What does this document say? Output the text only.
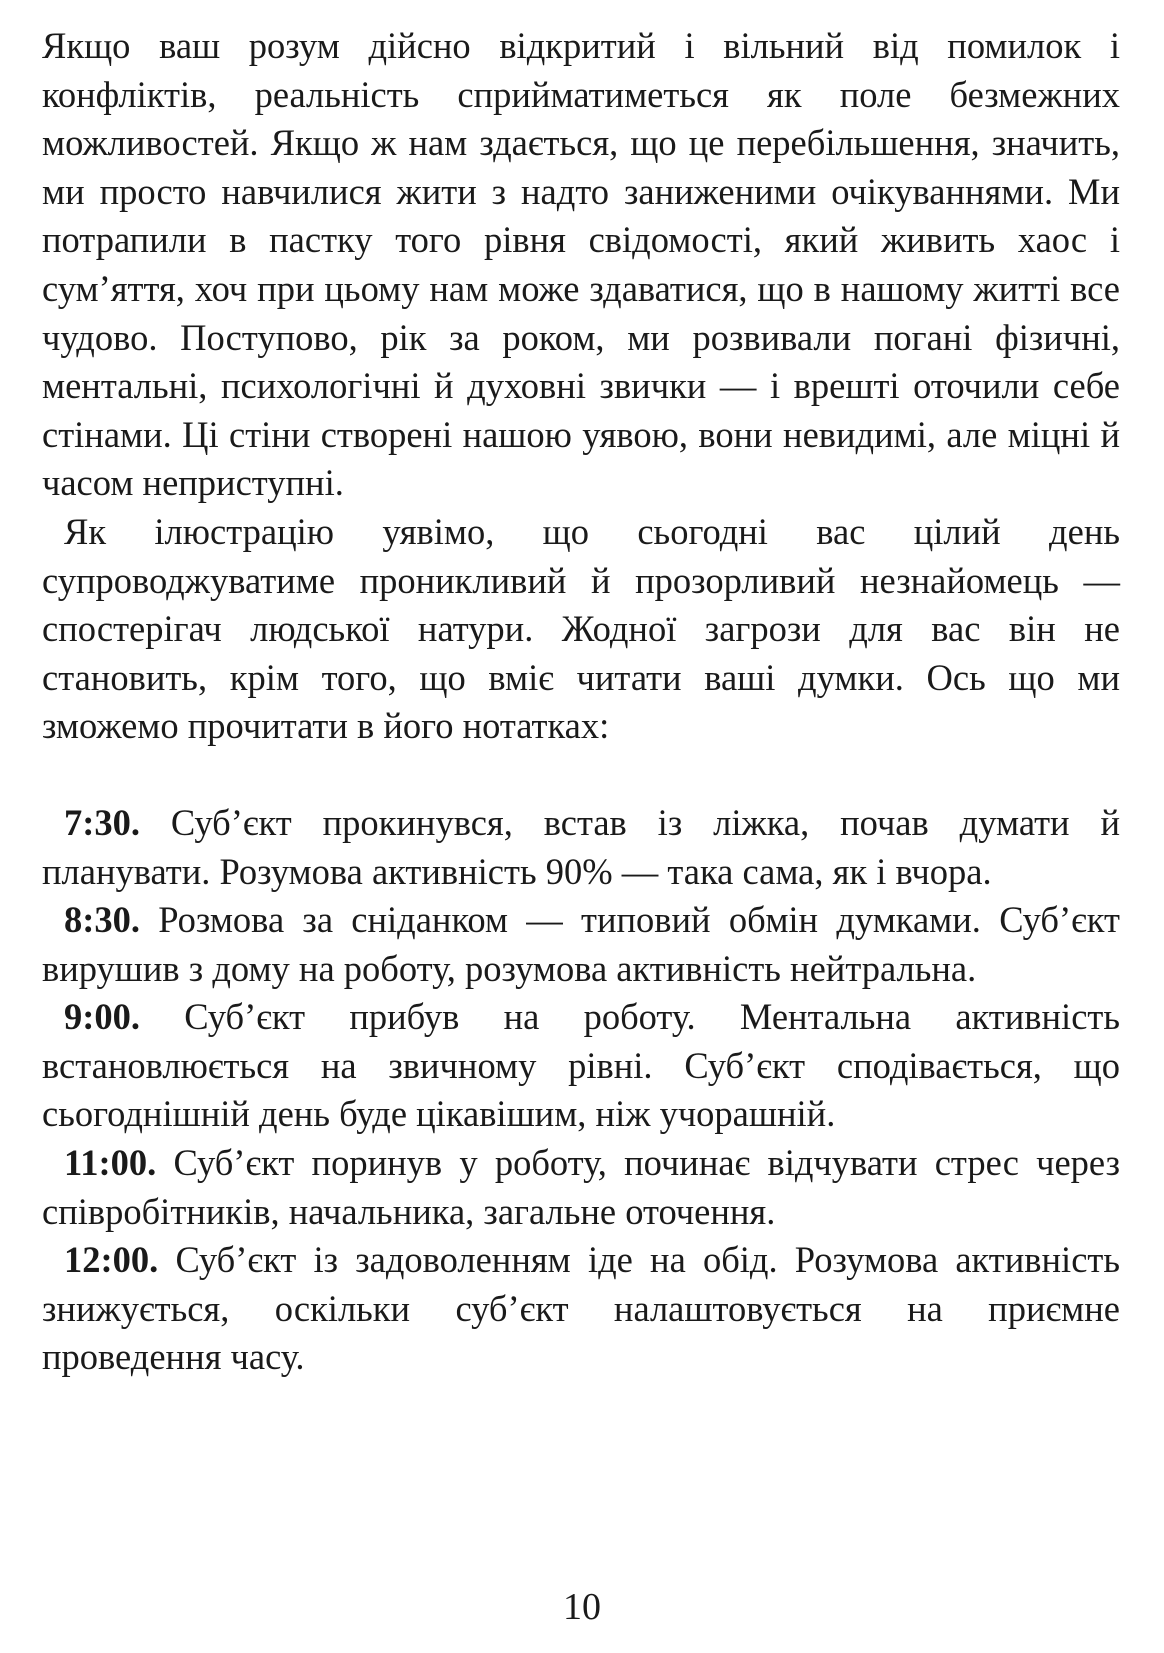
Якщо ваш розум дійсно відкритий і вільний від помилок і конфліктів, реальність сприйматиметься як поле безмежних можливостей. Якщо ж нам здається, що це перебільшення, значить, ми просто навчилися жити з надто заниженими очікуваннями. Ми потрапили в пастку того рівня свідомості, який живить хаос і сум’яття, хоч при цьому нам може здаватися, що в нашому житті все чудово. Поступово, рік за роком, ми розвивали погані фізичні, ментальні, психологічні й духовні звички — і врешті оточили себе стінами. Ці стіни створені нашою уявою, вони невидимі, але міцні й часом неприступні.

Як ілюстрацію уявімо, що сьогодні вас цілий день супроводжуватиме проникливий й прозорливий незнайомець — спостерігач людської натури. Жодної загрози для вас він не становить, крім того, що вміє читати ваші думки. Ось що ми зможемо прочитати в його нотатках:

7:30. Суб’єкт прокинувся, встав із ліжка, почав думати й планувати. Розумова активність 90% — така сама, як і вчора.

8:30. Розмова за сніданком — типовий обмін думками. Суб’єкт вирушив з дому на роботу, розумова активність нейтральна.

9:00. Суб’єкт прибув на роботу. Ментальна активність встановлюється на звичному рівні. Суб’єкт сподівається, що сьогоднішній день буде цікавішим, ніж учорашній.

11:00. Суб’єкт поринув у роботу, починає відчувати стрес через співробітників, начальника, загальне оточення.

12:00. Суб’єкт із задоволенням іде на обід. Розумова активність знижується, оскільки суб’єкт налаштовується на приємне проведення часу.

10
